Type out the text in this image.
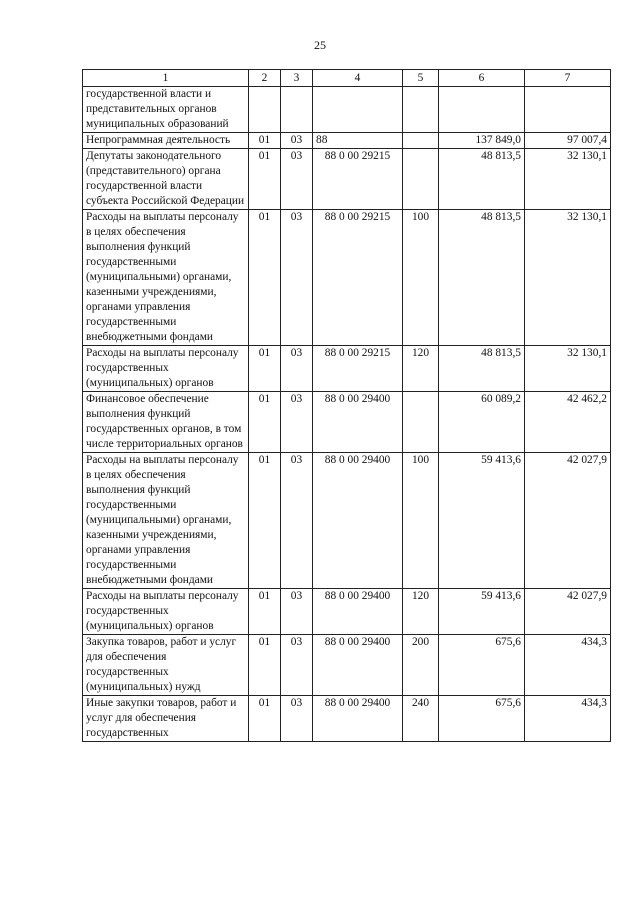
25
1	2	3	4	5	6	7
государственной власти и представительных органов муниципальных образований						
Непрограммная деятельность	01	03	88		137 849,0	97 007,4
Депутаты законодательного (представительного) органа государственной власти субъекта Российской Федерации	01	03	88 0 00 29215		48 813,5	32 130,1
Расходы на выплаты персоналу в целях обеспечения выполнения функций государственными (муниципальными) органами, казенными учреждениями, органами управления государственными внебюджетными фондами	01	03	88 0 00 29215	100	48 813,5	32 130,1
Расходы на выплаты персоналу государственных (муниципальных) органов	01	03	88 0 00 29215	120	48 813,5	32 130,1
Финансовое обеспечение выполнения функций государственных органов, в том числе территориальных органов	01	03	88 0 00 29400		60 089,2	42 462,2
Расходы на выплаты персоналу в целях обеспечения выполнения функций государственными (муниципальными) органами, казенными учреждениями, органами управления государственными внебюджетными фондами	01	03	88 0 00 29400	100	59 413,6	42 027,9
Расходы на выплаты персоналу государственных (муниципальных) органов	01	03	88 0 00 29400	120	59 413,6	42 027,9
Закупка товаров, работ и услуг для обеспечения государственных (муниципальных) нужд	01	03	88 0 00 29400	200	675,6	434,3
Иные закупки товаров, работ и услуг для обеспечения государственных	01	03	88 0 00 29400	240	675,6	434,3
